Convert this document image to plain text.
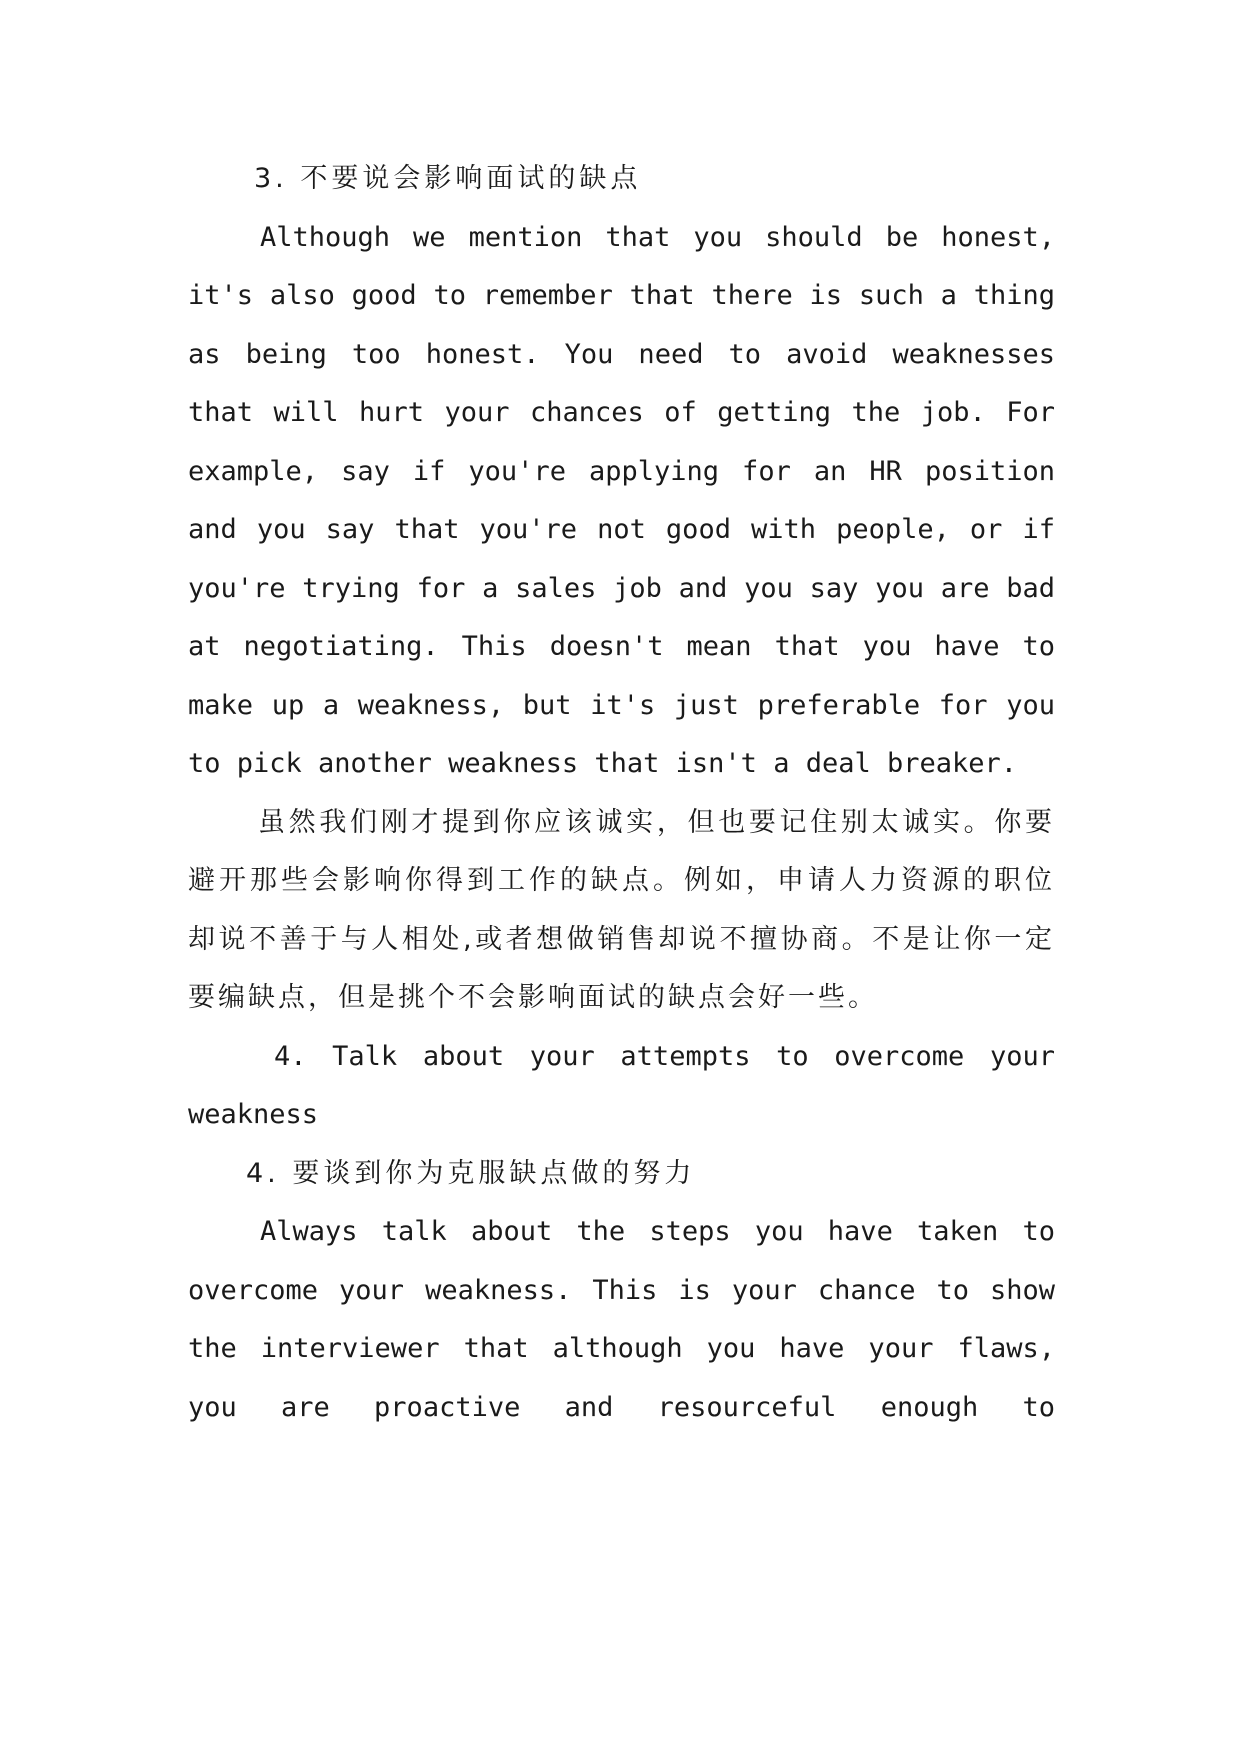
3. 不要说会影响面试的缺点

Although we mention that you should be honest, it's also good to remember that there is such a thing as being too honest. You need to avoid weaknesses that will hurt your chances of getting the job. For example, say if you're applying for an HR position and you say that you're not good with people, or if you're trying for a sales job and you say you are bad at negotiating. This doesn't mean that you have to make up a weakness, but it's just preferable for you to pick another weakness that isn't a deal breaker.

虽然我们刚才提到你应该诚实，但也要记住别太诚实。你要避开那些会影响你得到工作的缺点。例如，申请人力资源的职位却说不善于与人相处,或者想做销售却说不擅协商。不是让你一定要编缺点，但是挑个不会影响面试的缺点会好一些。

4. Talk about your attempts to overcome your weakness

4. 要谈到你为克服缺点做的努力

Always talk about the steps you have taken to overcome your weakness. This is your chance to show the interviewer that although you have your flaws, you are proactive and resourceful enough to
